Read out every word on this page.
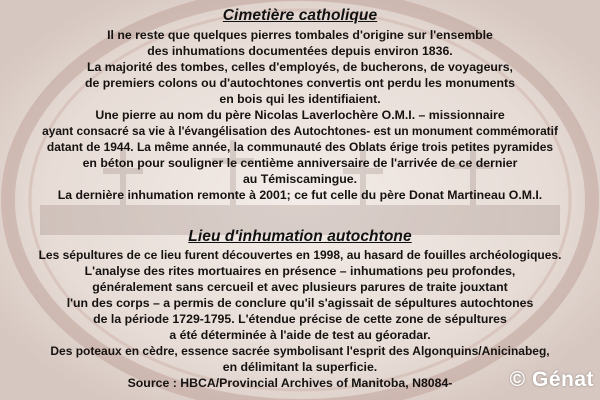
Cimetière catholique
Il ne reste que quelques pierres tombales d'origine sur l'ensemble
des inhumations documentées depuis environ 1836.
La majorité des tombes, celles d'employés, de bucherons, de voyageurs,
de premiers colons ou d'autochtones convertis ont perdu les monuments
en bois qui les identifiaient.
Une pierre au nom du père Nicolas Laverlochère O.M.I. – missionnaire
ayant consacré sa vie à l'évangélisation des Autochtones- est un monument commémoratif
datant de 1944. La même année, la communauté des Oblats érige trois petites pyramides
en béton pour souligner le centième anniversaire de l'arrivée de ce dernier
au Témiscamingue.
La dernière inhumation remonte à 2001; ce fut celle du père Donat Martineau O.M.I.
Lieu d'inhumation autochtone
Les sépultures de ce lieu furent découvertes en 1998, au hasard de fouilles archéologiques.
L'analyse des rites mortuaires en présence – inhumations peu profondes,
généralement sans cercueil et avec plusieurs parures de traite jouxtant
l'un des corps – a permis de conclure qu'il s'agissait de sépultures autochtones
de la période 1729-1795. L'étendue précise de cette zone de sépultures
a été déterminée à l'aide de test au géoradar.
Des poteaux en cèdre, essence sacrée symbolisant l'esprit des Algonquins/Anicinabeg,
en délimitant la superficie.
Source : HBCA/Provincial Archives of Manitoba, N8084-	© Génat
